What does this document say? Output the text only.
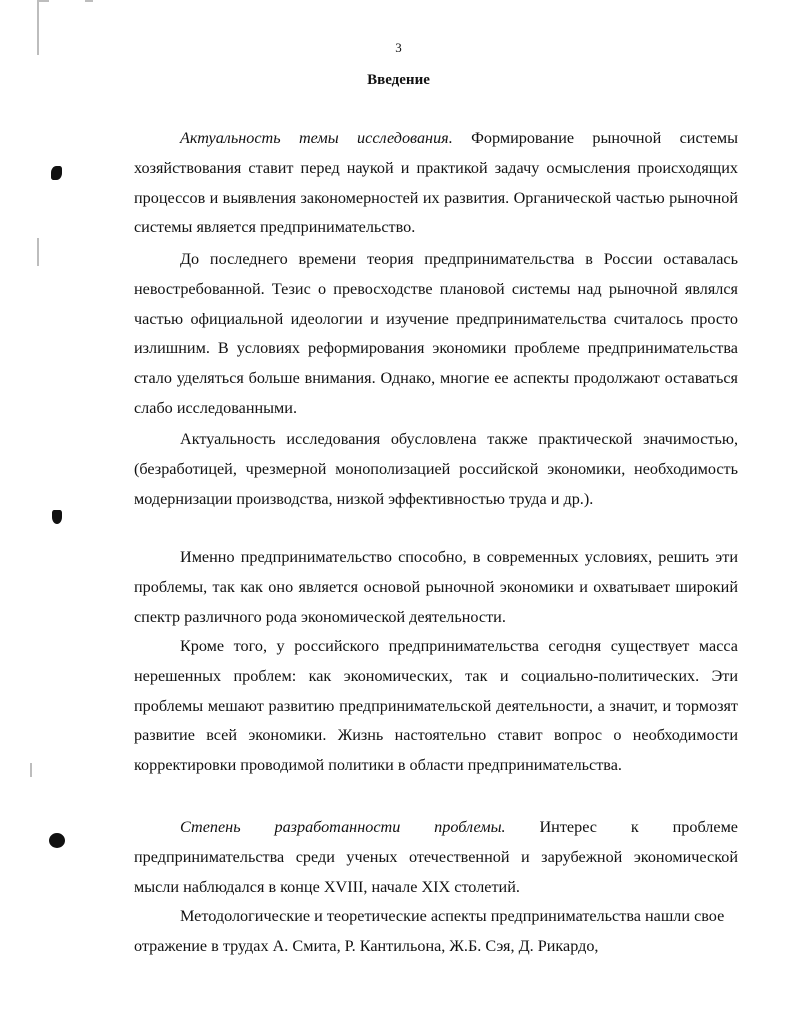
3
Введение

Актуальность темы исследования. Формирование рыночной системы хозяйствования ставит перед наукой и практикой задачу осмысления происходящих процессов и выявления закономерностей их развития. Органической частью рыночной системы является предпринимательство.

До последнего времени теория предпринимательства в России оставалась невостребованной. Тезис о превосходстве плановой системы над рыночной являлся частью официальной идеологии и изучение предпринимательства считалось просто излишним. В условиях реформирования экономики проблеме предпринимательства стало уделяться больше внимания. Однако, многие ее аспекты продолжают оставаться слабо исследованными.

Актуальность исследования обусловлена также практической значимостью, (безработицей, чрезмерной монополизацией российской экономики, необходимость модернизации производства, низкой эффективностью труда и др.).

Именно предпринимательство способно, в современных условиях, решить эти проблемы, так как оно является основой рыночной экономики и охватывает широкий спектр различного рода экономической деятельности.

Кроме того, у российского предпринимательства сегодня существует масса нерешенных проблем: как экономических, так и социально-политических. Эти проблемы мешают развитию предпринимательской деятельности, а значит, и тормозят развитие всей экономики. Жизнь настоятельно ставит вопрос о необходимости корректировки проводимой политики в области предпринимательства.

Степень разработанности проблемы. Интерес к проблеме предпринимательства среди ученых отечественной и зарубежной экономической мысли наблюдался в конце XVIII, начале XIX столетий.

Методологические и теоретические аспекты предпринимательства нашли свое отражение в трудах А. Смита, Р. Кантильона, Ж.Б. Сэя, Д. Рикардо,
